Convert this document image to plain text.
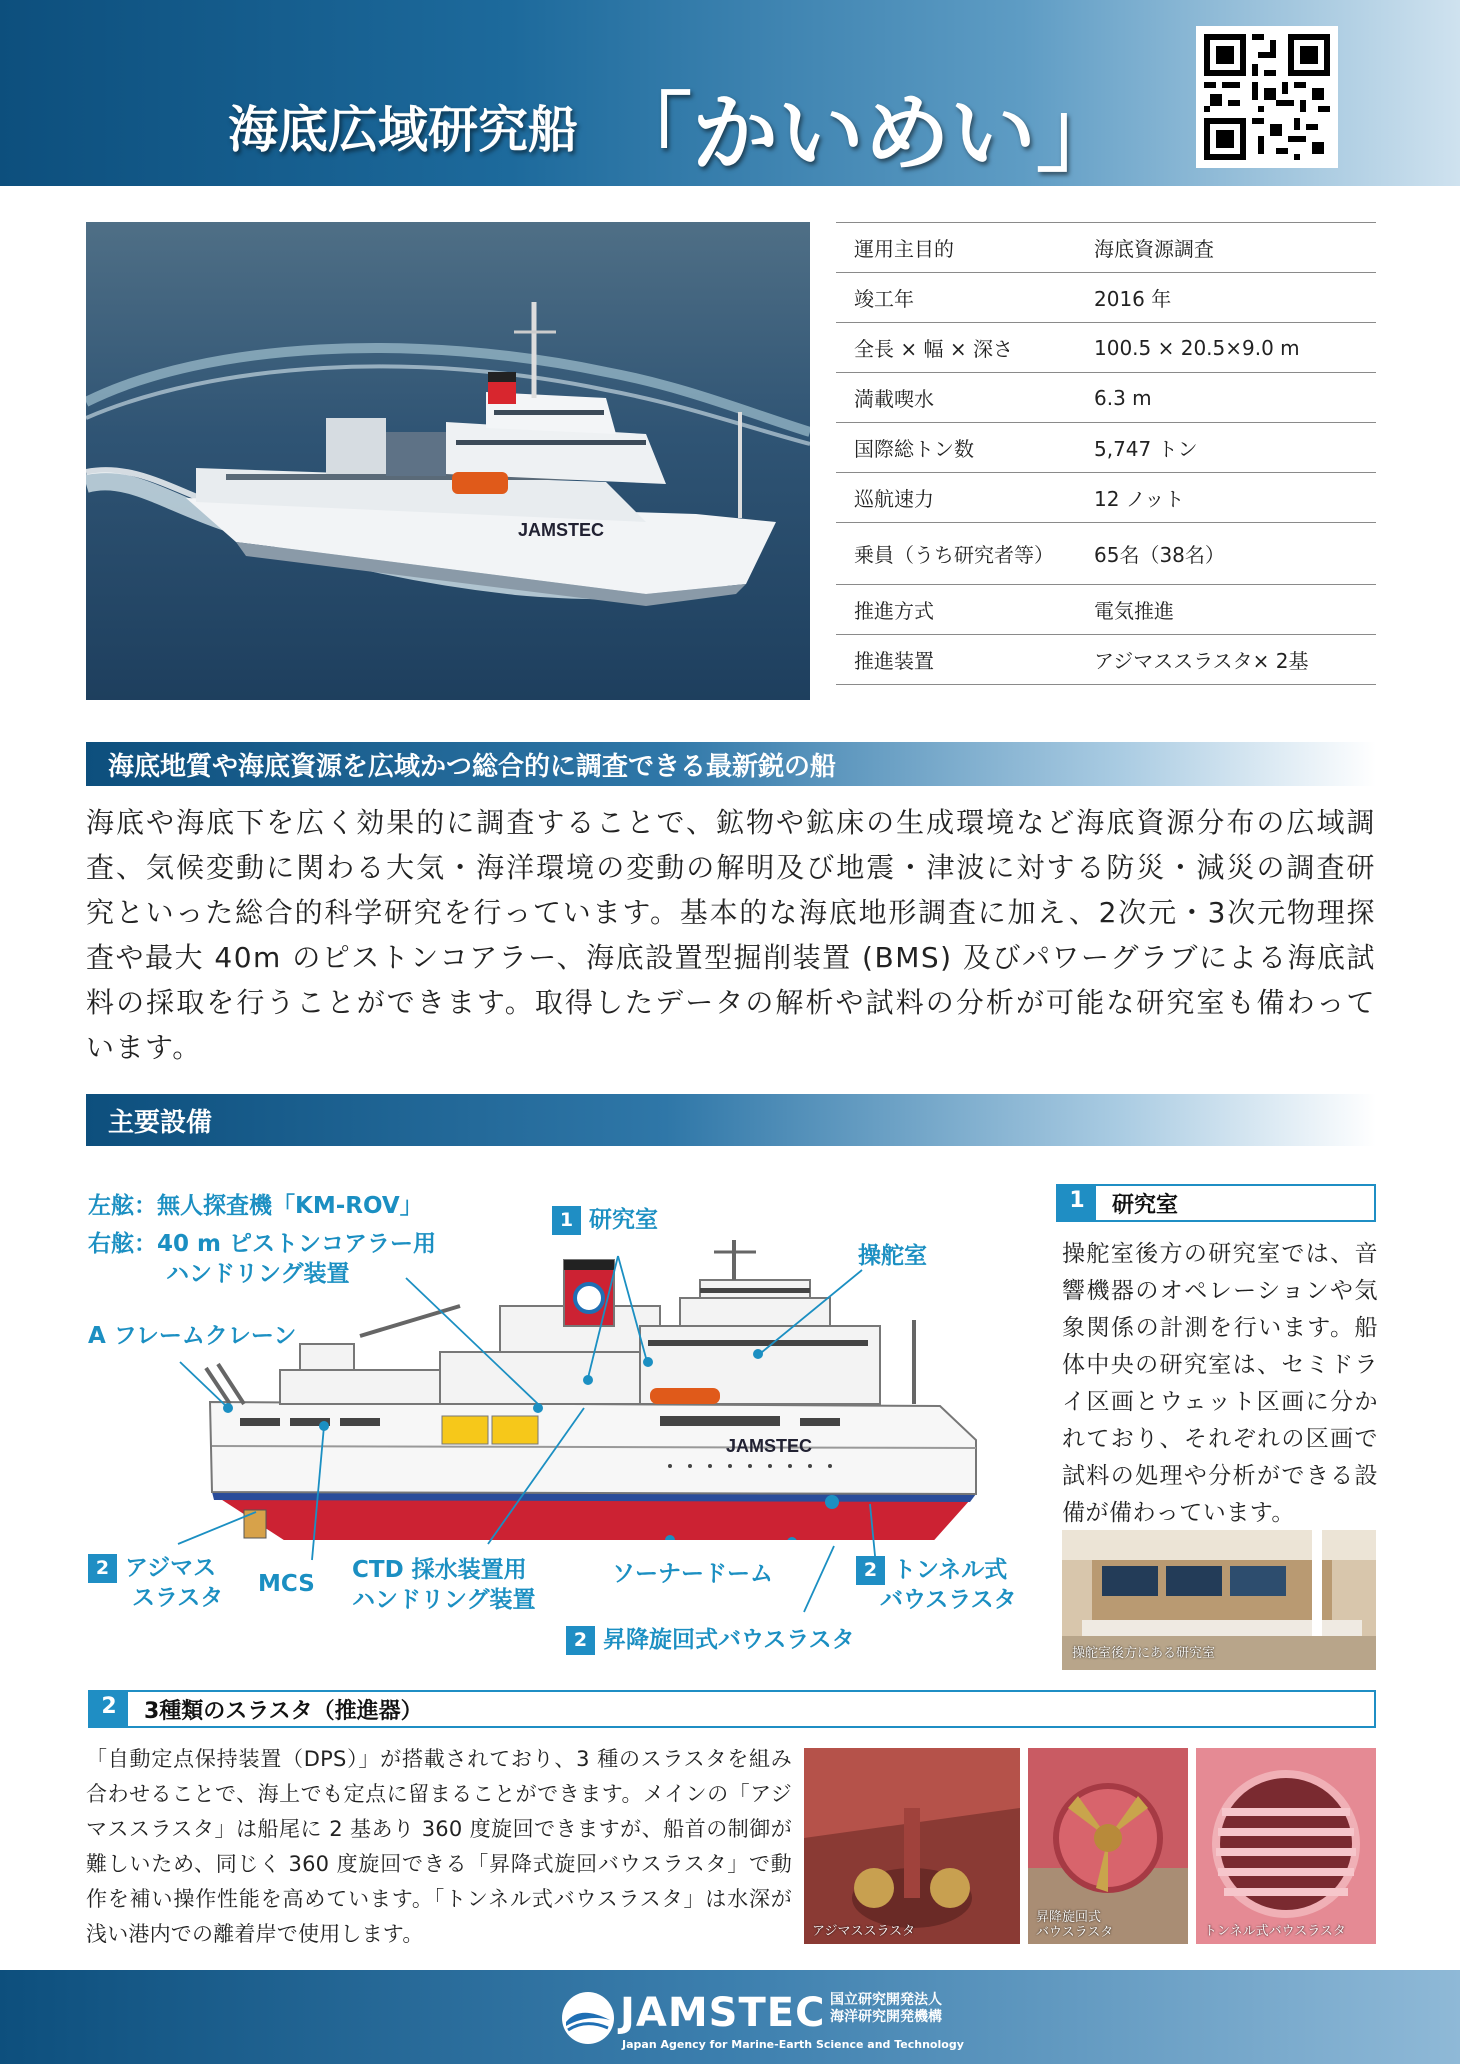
海底広域研究船 「かいめい」
JAMSTEC
運用主目的	海底資源調査
竣工年	2016 年
全長 × 幅 × 深さ	100.5 × 20.5×9.0 m
満載喫水	6.3 m
国際総トン数	5,747 トン
巡航速力	12 ノット
乗員（うち研究者等）	65名（38名）
推進方式	電気推進
推進装置	アジマススラスタ× 2基
海底地質や海底資源を広域かつ総合的に調査できる最新鋭の船
海底や海底下を広く効果的に調査することで、鉱物や鉱床の生成環境など海底資源分布の広域調査、気候変動に関わる大気・海洋環境の変動の解明及び地震・津波に対する防災・減災の調査研究といった総合的科学研究を行っています。基本的な海底地形調査に加え、2次元・3次元物理探査や最大 40m のピストンコアラー、海底設置型掘削装置 (BMS) 及びパワーグラブによる海底試料の採取を行うことができます。取得したデータの解析や試料の分析が可能な研究室も備わっています。
主要設備
JAMSTEC
左舷：無人探査機「KM-ROV」
右舷：40 m ピストンコアラー用
ハンドリング装置
1 研究室
操舵室
A フレームクレーン
2 アジマス
スラスタ
MCS
CTD 採水装置用
ハンドリング装置
ソーナードーム	2 トンネル式
バウスラスタ
2 昇降旋回式バウスラスタ
1	研究室
操舵室後方の研究室では、音響機器のオペレーションや気象関係の計測を行います。船体中央の研究室は、セミドライ区画とウェット区画に分かれており、それぞれの区画で試料の処理や分析ができる設備が備わっています。
操舵室後方にある研究室
2	3種類のスラスタ（推進器）
「自動定点保持装置（DPS）」が搭載されており、3 種のスラスタを組み合わせることで、海上でも定点に留まることができます。メインの「アジマススラスタ」は船尾に 2 基あり 360 度旋回できますが、船首の制御が難しいため、同じく 360 度旋回できる「昇降式旋回バウスラスタ」で動作を補い操作性能を高めています。「トンネル式バウスラスタ」は水深が浅い港内での離着岸で使用します。	アジマススラスタ
昇降旋回式
バウスラスタ	トンネル式バウスラスタ
JAMSTEC 国立研究開発法人
海洋研究開発機構
Japan Agency for Marine-Earth Science and Technology
